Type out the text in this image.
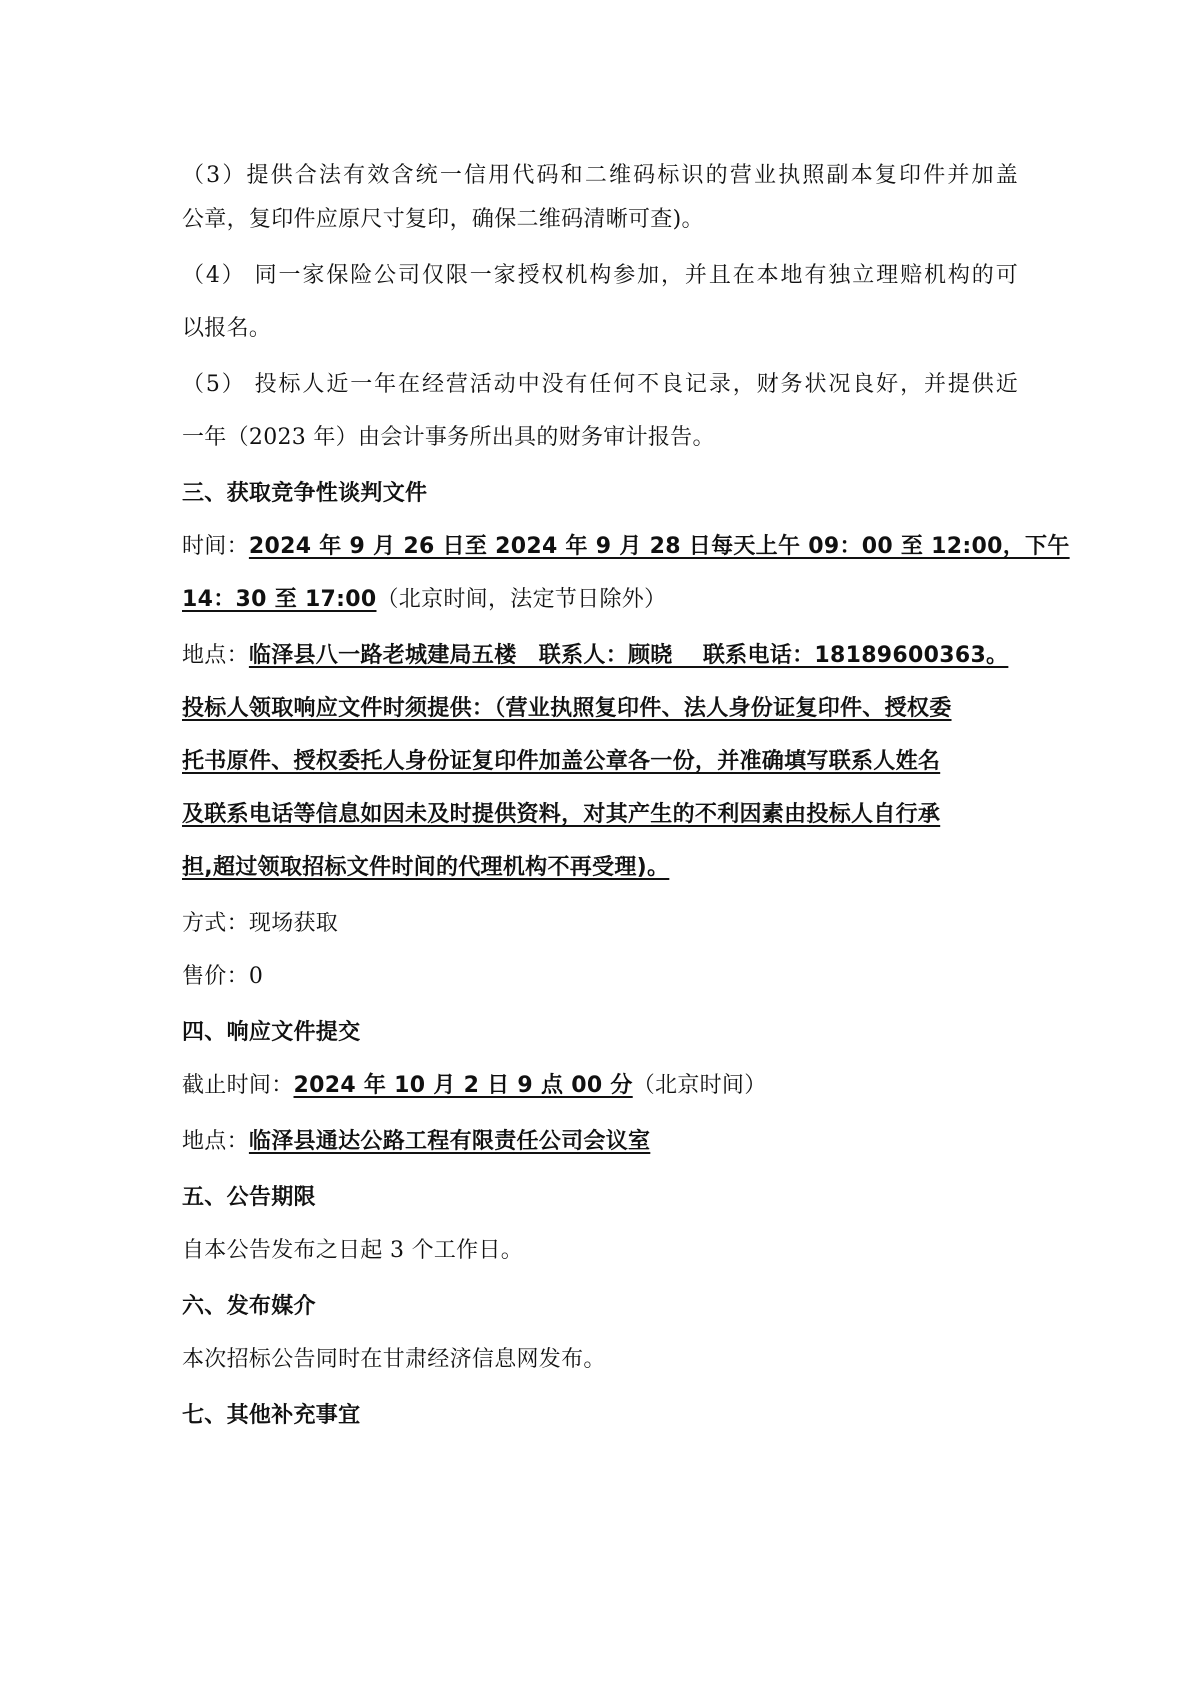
（3）提供合法有效含统一信用代码和二维码标识的营业执照副本复印件并加盖
公章，复印件应原尺寸复印，确保二维码清晰可查)。
（4） 同一家保险公司仅限一家授权机构参加，并且在本地有独立理赔机构的可
以报名。
（5） 投标人近一年在经营活动中没有任何不良记录，财务状况良好，并提供近
一年（2023 年）由会计事务所出具的财务审计报告。
三、获取竞争性谈判文件
时间：2024 年 9 月 26 日至 2024 年 9 月 28 日每天上午 09：00 至 12:00，下午
14：30 至 17:00（北京时间，法定节日除外）
地点：临泽县八一路老城建局五楼　联系人：顾晓　 联系电话：18189600363。
投标人领取响应文件时须提供：（营业执照复印件、法人身份证复印件、授权委
托书原件、授权委托人身份证复印件加盖公章各一份，并准确填写联系人姓名
及联系电话等信息如因未及时提供资料，对其产生的不利因素由投标人自行承
担,超过领取招标文件时间的代理机构不再受理)。
方式：现场获取
售价：0
四、响应文件提交
截止时间：2024 年 10 月 2 日 9 点 00 分（北京时间）
地点：临泽县通达公路工程有限责任公司会议室
五、公告期限
自本公告发布之日起 3 个工作日。
六、发布媒介
本次招标公告同时在甘肃经济信息网发布。
七、其他补充事宜
